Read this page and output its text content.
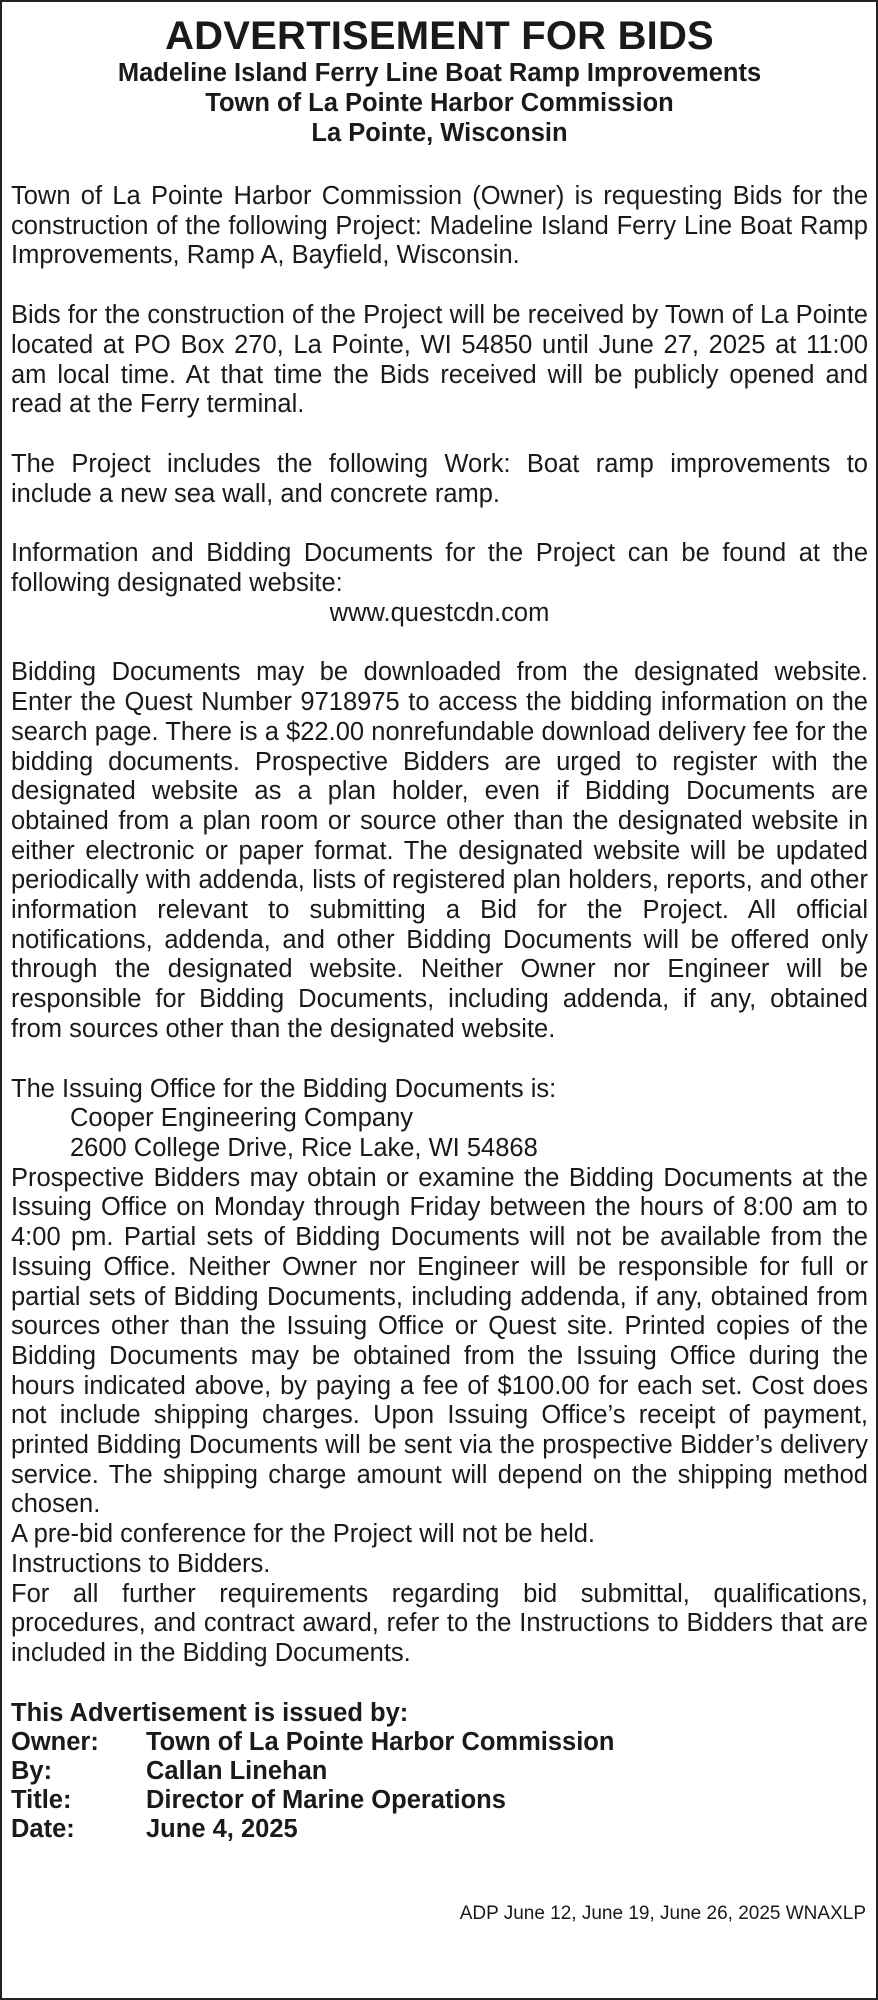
ADVERTISEMENT FOR BIDS
Madeline Island Ferry Line Boat Ramp Improvements
Town of La Pointe Harbor Commission
La Pointe, Wisconsin

Town of La Pointe Harbor Commission (Owner) is requesting Bids for the construction of the following Project: Madeline Island Ferry Line Boat Ramp Improvements, Ramp A, Bayfield, Wisconsin.

Bids for the construction of the Project will be received by Town of La Pointe located at PO Box 270, La Pointe, WI 54850 until June 27, 2025 at 11:00 am local time. At that time the Bids received will be publicly opened and read at the Ferry terminal.

The Project includes the following Work: Boat ramp improvements to include a new sea wall, and concrete ramp.

Information and Bidding Documents for the Project can be found at the following designated website:

www.questcdn.com

Bidding Documents may be downloaded from the designated website. Enter the Quest Number 9718975 to access the bidding information on the search page. There is a $22.00 nonrefundable download delivery fee for the bidding documents. Prospective Bidders are urged to register with the designated website as a plan holder, even if Bidding Documents are obtained from a plan room or source other than the designated website in either electronic or paper format. The designated website will be updated periodically with addenda, lists of registered plan holders, reports, and other information relevant to submitting a Bid for the Project. All official notifications, addenda, and other Bidding Documents will be offered only through the designated website. Neither Owner nor Engineer will be responsible for Bidding Documents, including addenda, if any, obtained from sources other than the designated website.

The Issuing Office for the Bidding Documents is:

Cooper Engineering Company
2600 College Drive, Rice Lake, WI 54868

Prospective Bidders may obtain or examine the Bidding Documents at the Issuing Office on Monday through Friday between the hours of 8:00 am to 4:00 pm. Partial sets of Bidding Documents will not be available from the Issuing Office. Neither Owner nor Engineer will be responsible for full or partial sets of Bidding Documents, including addenda, if any, obtained from sources other than the Issuing Office or Quest site. Printed copies of the Bidding Documents may be obtained from the Issuing Office during the hours indicated above, by paying a fee of $100.00 for each set. Cost does not include shipping charges. Upon Issuing Office’s receipt of payment, printed Bidding Documents will be sent via the prospective Bidder’s delivery service. The shipping charge amount will depend on the shipping method chosen.

A pre-bid conference for the Project will not be held.

Instructions to Bidders.

For all further requirements regarding bid submittal, qualifications, procedures, and contract award, refer to the Instructions to Bidders that are included in the Bidding Documents.

This Advertisement is issued by:
Owner:	Town of La Pointe Harbor Commission
By:	Callan Linehan
Title:	Director of Marine Operations
Date:	June 4, 2025
ADP June 12, June 19, June 26, 2025 WNAXLP
